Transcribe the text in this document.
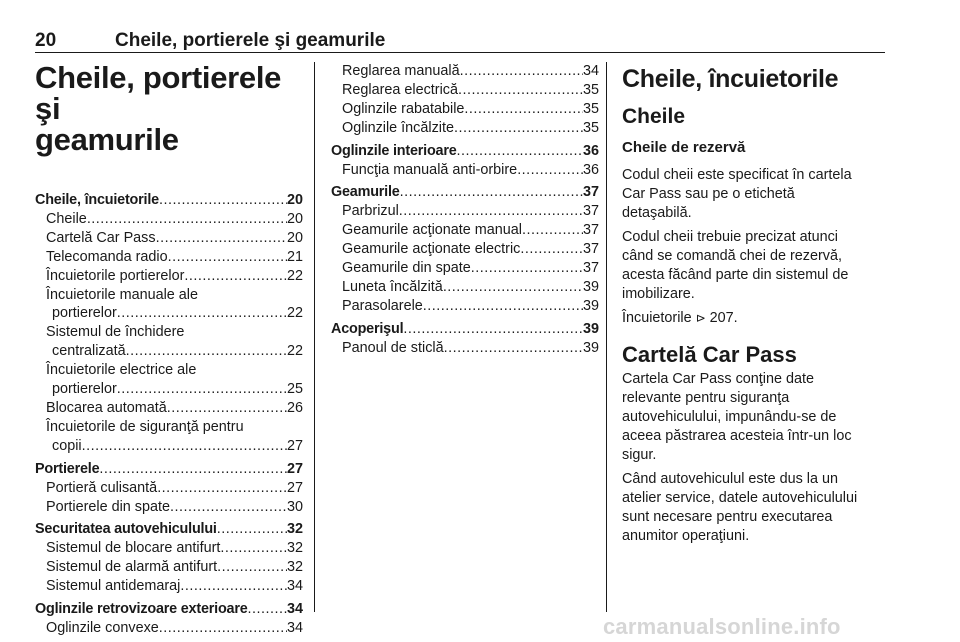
20	Cheile, portierele şi geamurile
Cheile, portierele şi
geamurile
Cheile, încuietorile .....	20
Cheile .....	20
Cartelă Car Pass .....	20
Telecomanda radio .....	21
Încuietorile portierelor .....	22
Încuietorile manuale ale
portierelor .....	22
Sistemul de închidere
centralizată .....	22
Încuietorile electrice ale
portierelor .....	25
Blocarea automată .....	26
Încuietorile de siguranţă pentru
copii .....	27
Portierele .....	27
Portieră culisantă .....	27
Portierele din spate .....	30
Securitatea autovehiculului .....	32
Sistemul de blocare antifurt .....	32
Sistemul de alarmă antifurt .....	32
Sistemul antidemaraj .....	34
Oglinzile retrovizoare exterioare .....	34
Oglinzile convexe .....	34
Reglarea manuală .....	34
Reglarea electrică .....	35
Oglinzile rabatabile .....	35
Oglinzile încălzite .....	35
Oglinzile interioare .....	36
Funcţia manuală anti-orbire .....	36
Geamurile .....	37
Parbrizul .....	37
Geamurile acţionate manual .....	37
Geamurile acţionate electric .....	37
Geamurile din spate .....	37
Luneta încălzită .....	39
Parasolarele .....	39
Acoperişul .....	39
Panoul de sticlă .....	39
Cheile, încuietorile
Cheile
Cheile de rezervă
Codul cheii este specificat în cartela
Car Pass sau pe o etichetă
detaşabilă.
Codul cheii trebuie precizat atunci
când se comandă chei de rezervă,
acesta făcând parte din sistemul de
imobilizare.
Încuietorile ⊳ 207.
Cartelă Car Pass
Cartela Car Pass conţine date
relevante pentru siguranţa
autovehiculului, impunându-se de
aceea păstrarea acesteia într-un loc
sigur.
Când autovehiculul este dus la un
atelier service, datele autovehiculului
sunt necesare pentru executarea
anumitor operaţiuni.
carmanualsonline.info
